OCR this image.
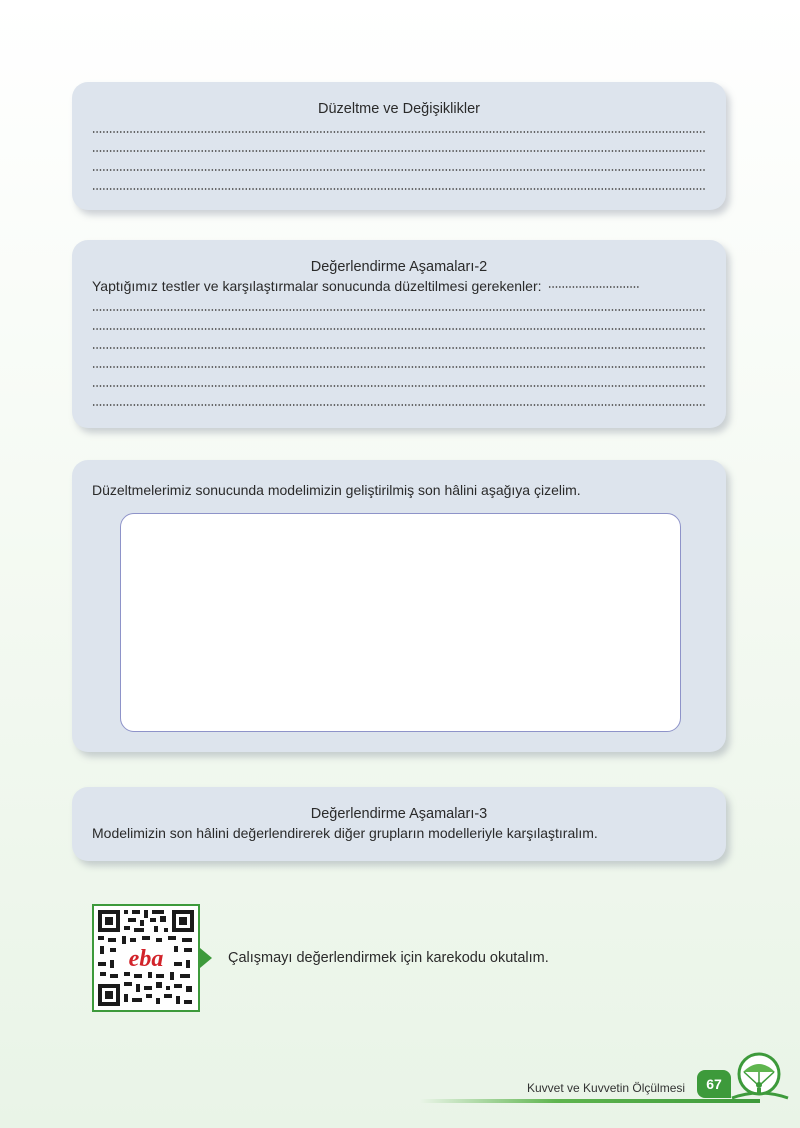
Düzeltme ve Değişiklikler

Değerlendirme Aşamaları-2

Yaptığımız testler ve karşılaştırmalar sonucunda düzeltilmesi gerekenler:

Düzeltmelerimiz sonucunda modelimizin geliştirilmiş son hâlini aşağıya çizelim.

Değerlendirme Aşamaları-3

Modelimizin son hâlini değerlendirerek diğer grupların modelleriyle karşılaştıralım.

eba	Çalışmayı değerlendirmek için karekodu okutalım.
Kuvvet ve Kuvvetin Ölçülmesi	67
